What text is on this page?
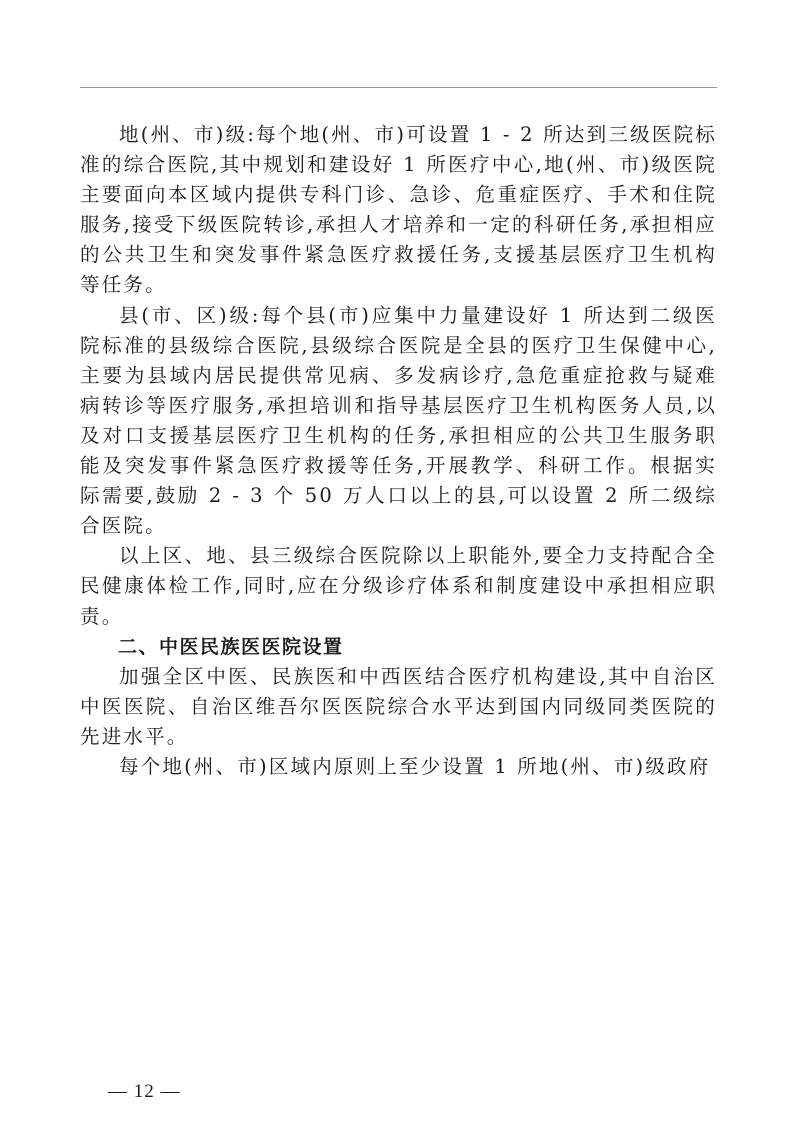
地(州、市)级:每个地(州、市)可设置 1 - 2 所达到三级医院标准的综合医院,其中规划和建设好 1 所医疗中心,地(州、市)级医院主要面向本区域内提供专科门诊、急诊、危重症医疗、手术和住院服务,接受下级医院转诊,承担人才培养和一定的科研任务,承担相应的公共卫生和突发事件紧急医疗救援任务,支援基层医疗卫生机构等任务。

县(市、区)级:每个县(市)应集中力量建设好 1 所达到二级医院标准的县级综合医院,县级综合医院是全县的医疗卫生保健中心,主要为县域内居民提供常见病、多发病诊疗,急危重症抢救与疑难病转诊等医疗服务,承担培训和指导基层医疗卫生机构医务人员,以及对口支援基层医疗卫生机构的任务,承担相应的公共卫生服务职能及突发事件紧急医疗救援等任务,开展教学、科研工作。根据实际需要,鼓励 2 - 3 个 50 万人口以上的县,可以设置 2 所二级综合医院。

以上区、地、县三级综合医院除以上职能外,要全力支持配合全民健康体检工作,同时,应在分级诊疗体系和制度建设中承担相应职责。

二、中医民族医医院设置

加强全区中医、民族医和中西医结合医疗机构建设,其中自治区中医医院、自治区维吾尔医医院综合水平达到国内同级同类医院的先进水平。

每个地(州、市)区域内原则上至少设置 1 所地(州、市)级政府

— 12 —
